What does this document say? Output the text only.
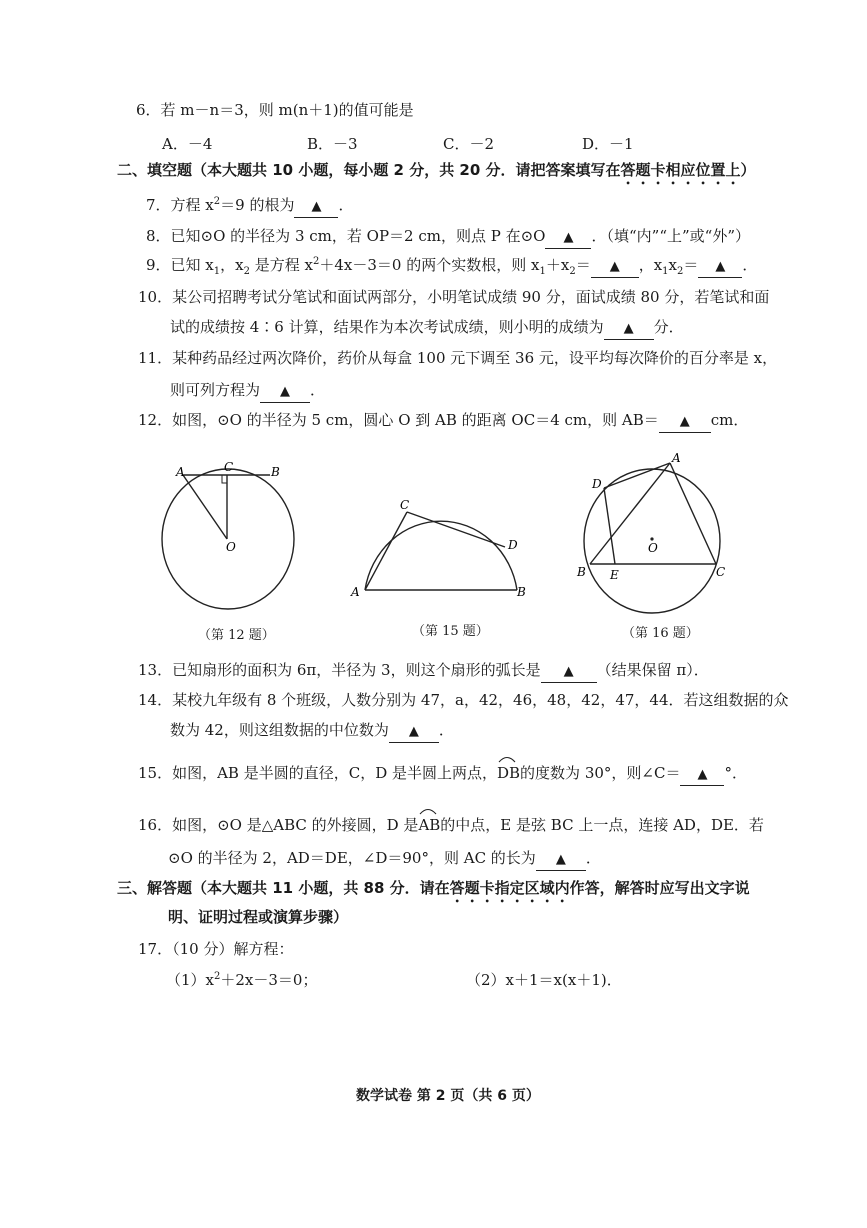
6．若 m－n＝3，则 m(n＋1)的值可能是
A．－4	B．－3	C．－2	D．－1
二、填空题（本大题共 10 小题，每小题 2 分，共 20 分．请把答案填写在答题卡相应位置上）
7．方程 $x^2=9$ 的根为 ▲ ．
8．已知⊙O 的半径为 3 cm，若 OP＝2 cm，则点 P 在⊙O ▲ ．（填“内”“上”或“外”）
9．已知 $x_1$，$x_2$ 是方程 $x^2+4x-3=0$ 的两个实数根，则 $x_1+x_2=$ ▲ ，$x_1x_2=$ ▲ ．
10．某公司招聘考试分笔试和面试两部分，小明笔试成绩 90 分，面试成绩 80 分，若笔试和面
试的成绩按 4∶6 计算，结果作为本次考试成绩，则小明的成绩为 ▲ 分．
11．某种药品经过两次降价，药价从每盒 100 元下调至 36 元，设平均每次降价的百分率是 x，
则可列方程为 ▲ ．
12．如图，⊙O 的半径为 5 cm，圆心 O 到 AB 的距离 OC＝4 cm，则 AB＝ ▲ cm．
A	C	B
O
（第 12 题）
A
C
D
B
（第 15 题）
A
D
O
B E	C
（第 16 题）
13．已知扇形的面积为 6π，半径为 3，则这个扇形的弧长是 ▲ （结果保留 π）．
14．某校九年级有 8 个班级，人数分别为 47，a，42，46，48，42，47，44．若这组数据的众
数为 42，则这组数据的中位数为 ▲ ．
15．如图，AB 是半圆的直径，C，D 是半圆上两点，
DB的度数为 30°，则∠C＝ ▲ °．
16．如图，⊙O 是△ABC 的外接圆，D 是
AB的中点，E 是弦 BC 上一点，连接 AD，DE．若
⊙O 的半径为 2，AD＝DE，∠D＝90°，则 AC 的长为 ▲ ．
三、解答题（本大题共 11 小题，共 88 分．请在答题卡指定区域内作答，解答时应写出文字说
明、证明过程或演算步骤）
17．（10 分）解方程：
$(1)x^2+2x-3=0$；	（2）x＋1＝x(x＋1)．
数学试卷 第 2 页（共 6 页）
